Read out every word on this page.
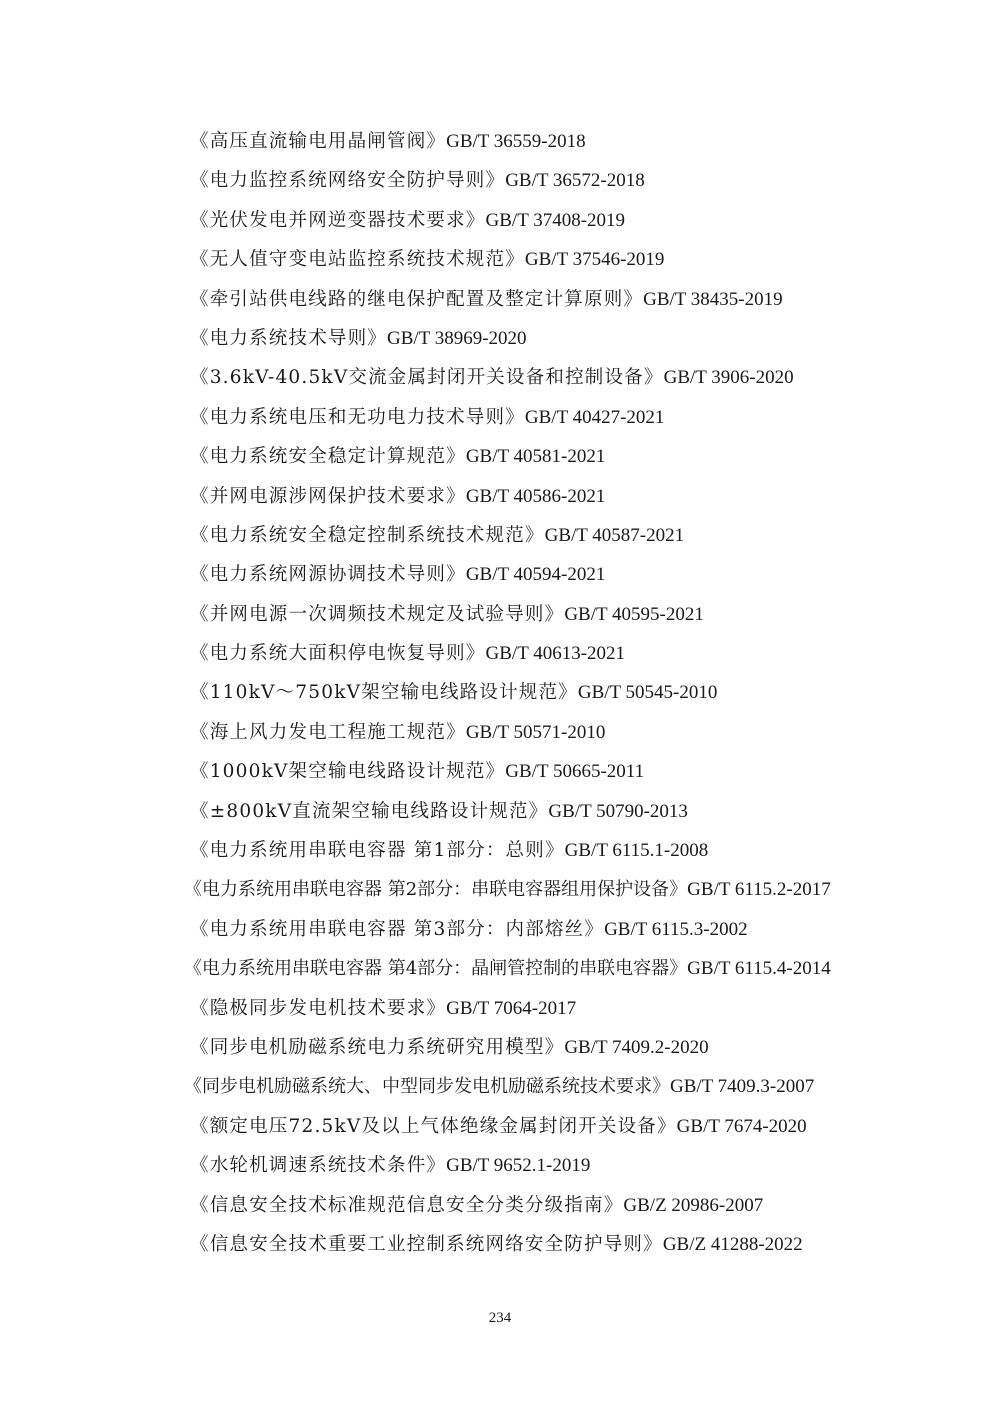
《高压直流输电用晶闸管阀》GB/T 36559-2018
《电力监控系统网络安全防护导则》GB/T 36572-2018
《光伏发电并网逆变器技术要求》GB/T 37408-2019
《无人值守变电站监控系统技术规范》GB/T 37546-2019
《牵引站供电线路的继电保护配置及整定计算原则》GB/T 38435-2019
《电力系统技术导则》GB/T 38969-2020
《3.6kV-40.5kV交流金属封闭开关设备和控制设备》GB/T 3906-2020
《电力系统电压和无功电力技术导则》GB/T 40427-2021
《电力系统安全稳定计算规范》GB/T 40581-2021
《并网电源涉网保护技术要求》GB/T 40586-2021
《电力系统安全稳定控制系统技术规范》GB/T 40587-2021
《电力系统网源协调技术导则》GB/T 40594-2021
《并网电源一次调频技术规定及试验导则》GB/T 40595-2021
《电力系统大面积停电恢复导则》GB/T 40613-2021
《110kV～750kV架空输电线路设计规范》GB/T 50545-2010
《海上风力发电工程施工规范》GB/T 50571-2010
《1000kV架空输电线路设计规范》GB/T 50665-2011
《±800kV直流架空输电线路设计规范》GB/T 50790-2013
《电力系统用串联电容器 第1部分：总则》GB/T 6115.1-2008
《电力系统用串联电容器 第2部分：串联电容器组用保护设备》GB/T 6115.2-2017
《电力系统用串联电容器 第3部分：内部熔丝》GB/T 6115.3-2002
《电力系统用串联电容器 第4部分：晶闸管控制的串联电容器》GB/T 6115.4-2014
《隐极同步发电机技术要求》GB/T 7064-2017
《同步电机励磁系统电力系统研究用模型》GB/T 7409.2-2020
《同步电机励磁系统大、中型同步发电机励磁系统技术要求》GB/T 7409.3-2007
《额定电压72.5kV及以上气体绝缘金属封闭开关设备》GB/T 7674-2020
《水轮机调速系统技术条件》GB/T 9652.1-2019
《信息安全技术标准规范信息安全分类分级指南》GB/Z 20986-2007
《信息安全技术重要工业控制系统网络安全防护导则》GB/Z 41288-2022
234
